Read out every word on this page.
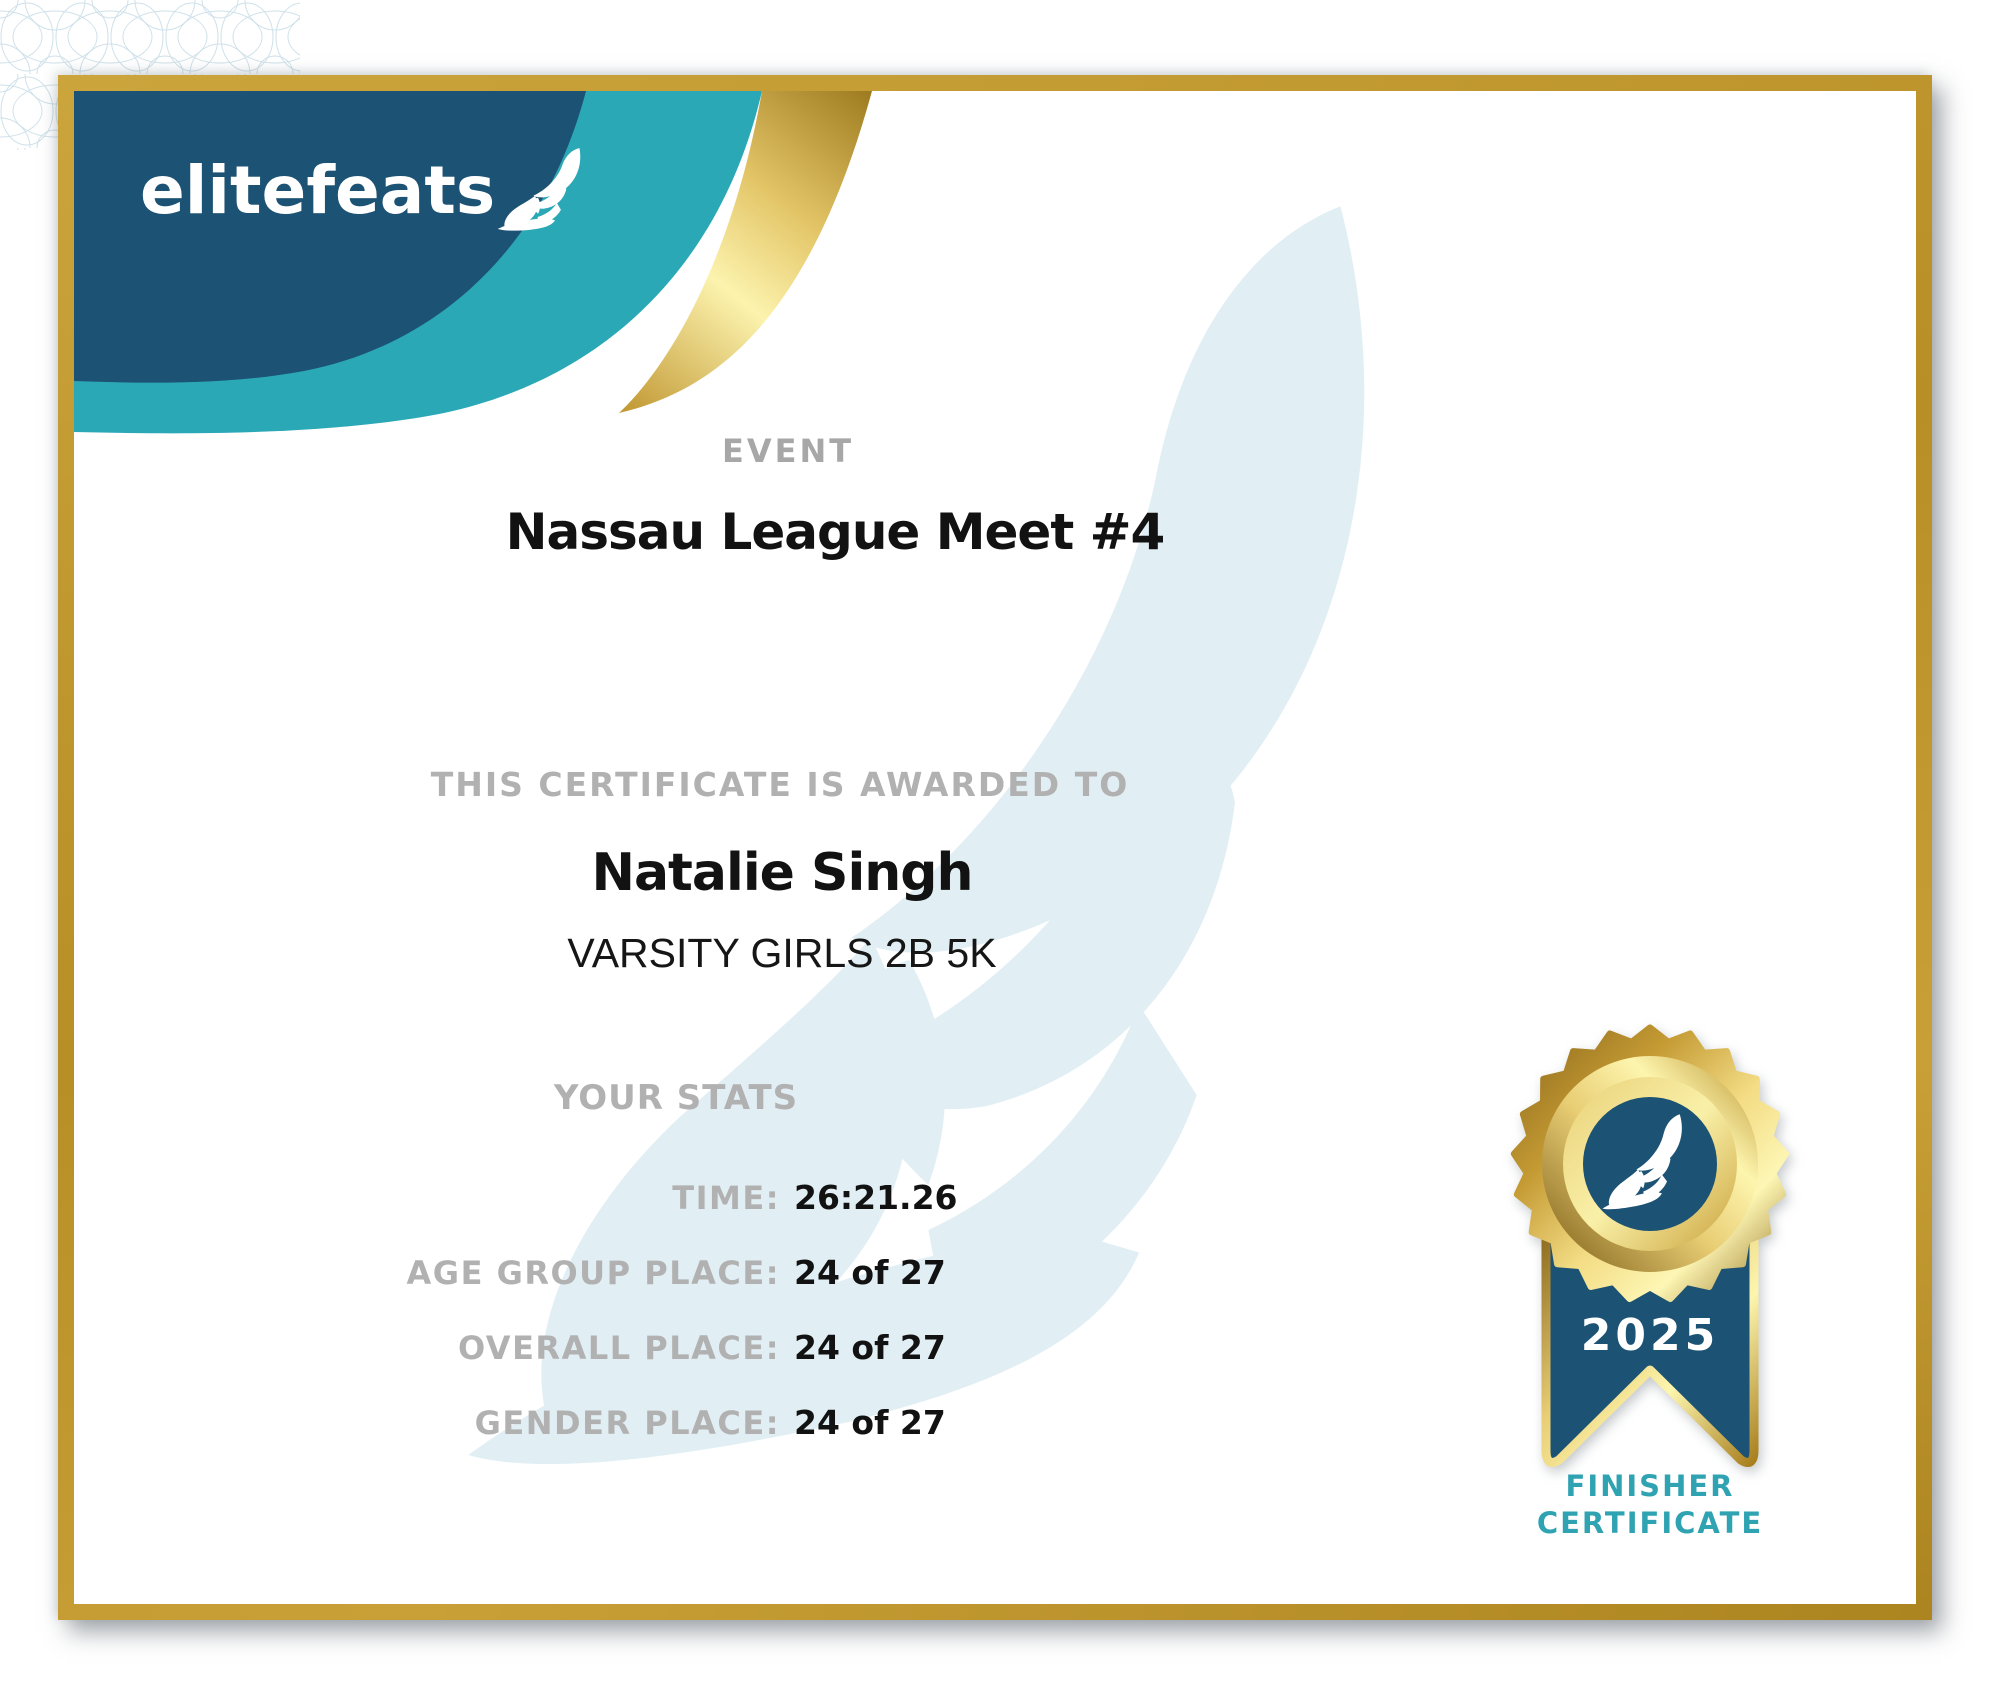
elitefeats
EVENT
Nassau League Meet #4
THIS CERTIFICATE IS AWARDED TO
Natalie Singh
VARSITY GIRLS 2B 5K
YOUR STATS
TIME : 26:21.26
AGE GROUP PLACE : 24 of 27
OVERALL PLACE : 24 of 27
GENDER PLACE : 24 of 27
2025
FINISHER
CERTIFICATE
